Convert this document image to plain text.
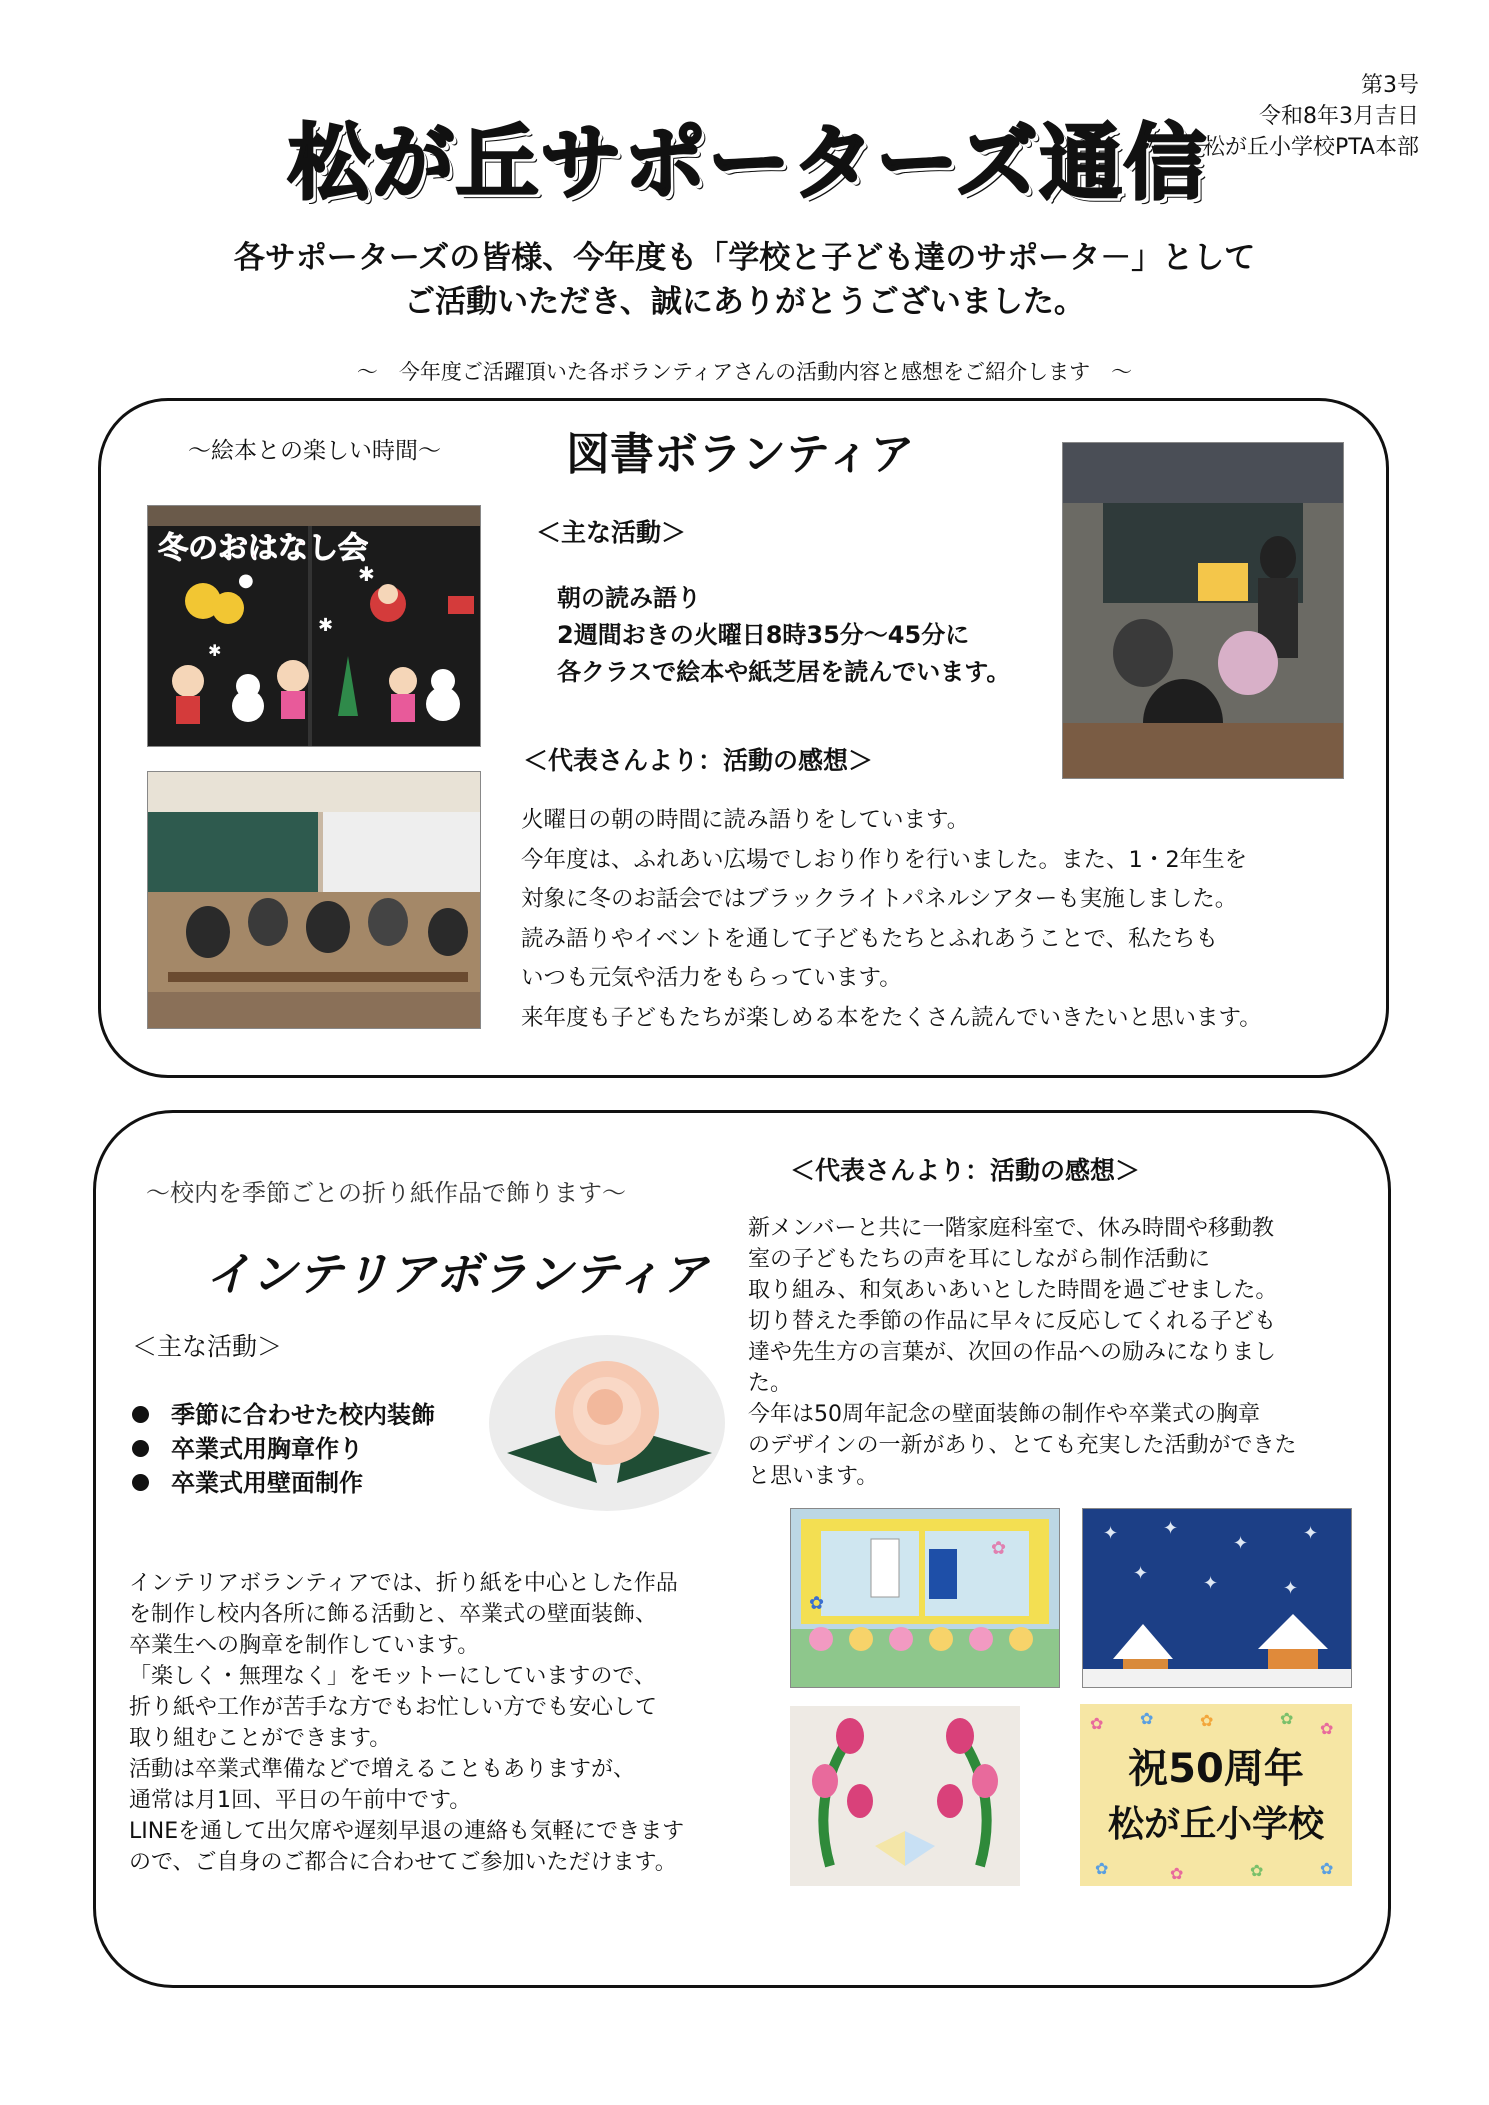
第3号
令和8年3月吉日
松が丘小学校PTA本部
松が丘サポーターズ通信
各サポーターズの皆様、今年度も「学校と子ども達のサポータ－」として
ご活動いただき、誠にありがとうございました。
～　今年度ご活躍頂いた各ボランティアさんの活動内容と感想をご紹介します　～
～絵本との楽しい時間～	図書ボランティア
冬のおはなし会
✱
●
✱
✱
＜主な活動＞
朝の読み語り
2週間おきの火曜日8時35分～45分に
各クラスで絵本や紙芝居を読んでいます。
＜代表さんより：活動の感想＞
火曜日の朝の時間に読み語りをしています。
今年度は、ふれあい広場でしおり作りを行いました。また、1・2年生を
対象に冬のお話会ではブラックライトパネルシアターも実施しました。
読み語りやイベントを通して子どもたちとふれあうことで、私たちも
いつも元気や活力をもらっています。
来年度も子どもたちが楽しめる本をたくさん読んでいきたいと思います。
～校内を季節ごとの折り紙作品で飾ります～
インテリアボランティア
＜主な活動＞
季節に合わせた校内装飾
卒業式用胸章作り
卒業式用壁面制作
インテリアボランティアでは、折り紙を中心とした作品
を制作し校内各所に飾る活動と、卒業式の壁面装飾、
卒業生への胸章を制作しています。
「楽しく・無理なく」をモットーにしていますので、
折り紙や工作が苦手な方でもお忙しい方でも安心して
取り組むことができます。
活動は卒業式準備などで増えることもありますが、
通常は月1回、平日の午前中です。
LINEを通して出欠席や遅刻早退の連絡も気軽にできます
ので、ご自身のご都合に合わせてご参加いただけます。
＜代表さんより：活動の感想＞
新メンバーと共に一階家庭科室で、休み時間や移動教
室の子どもたちの声を耳にしながら制作活動に
取り組み、和気あいあいとした時間を過ごせました。
切り替えた季節の作品に早々に反応してくれる子ども
達や先生方の言葉が、次回の作品への励みになりまし
た。
今年は50周年記念の壁面装飾の制作や卒業式の胸章
のデザインの一新があり、とても充実した活動ができた
と思います。
✿
✿
✦ ✦
✦	✦
✦	✦	✦
✿ ✿	✿	✿
✿
✿	✿	✿	✿
祝50周年
松が丘小学校
